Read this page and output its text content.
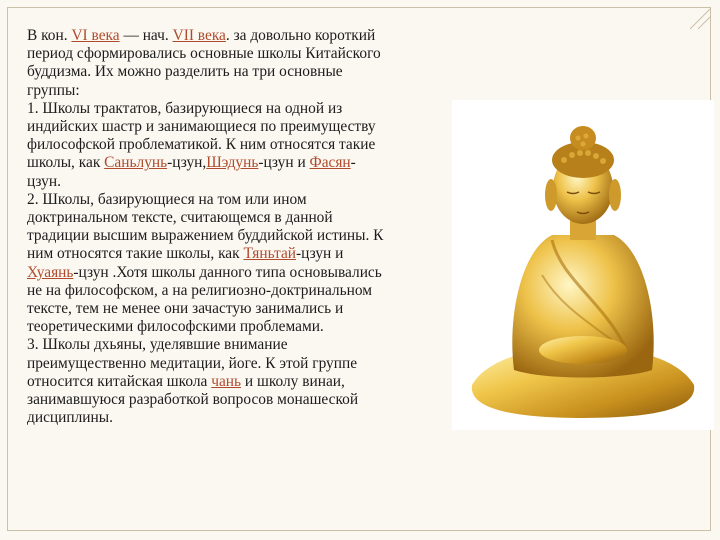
В кон. VI века — нач. VII века. за довольно короткий
период сформировались основные школы Китайского
буддизма. Их можно разделить на три основные
группы:
1. Школы трактатов, базирующиеся на одной из
индийских шастр и занимающиеся по преимуществу
философской проблематикой. К ним относятся такие
школы, как Саньлунь-цзун,Шэдунь-цзун и Фасян-
цзун.
2. Школы, базирующиеся на том или ином
доктринальном тексте, считающемся в данной
традиции высшим выражением буддийской истины. К
ним относятся такие школы, как Тяньтай-цзун и
Хуаянь-цзун .Хотя школы данного типа основывались
не на философском, а на религиозно-доктринальном
тексте, тем не менее они зачастую занимались и
теоретическими философскими проблемами.
3. Школы дхьяны, уделявшие внимание
преимущественно медитации, йоге. К этой группе
относится китайская школа чань и школу винаи,
занимавшуюся разработкой вопросов монашеской
дисциплины.
